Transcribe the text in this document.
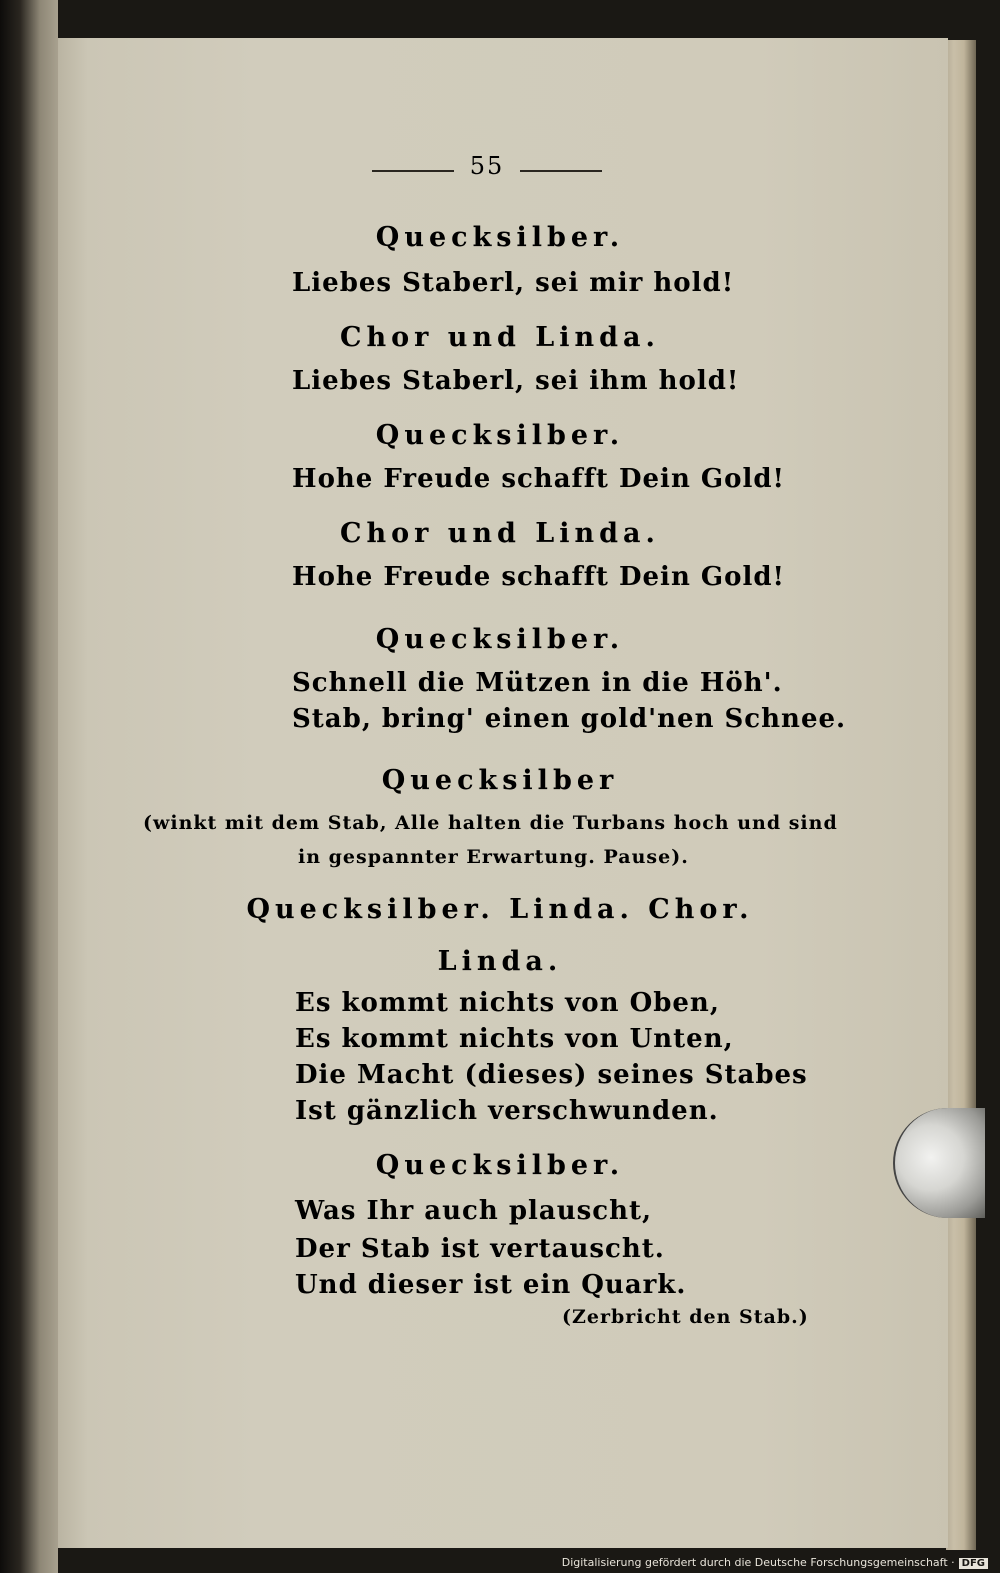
55
Quecksilber.
Liebes Staberl, sei mir hold!
Chor und Linda.
Liebes Staberl, sei ihm hold!
Quecksilber.
Hohe Freude schafft Dein Gold!
Chor und Linda.
Hohe Freude schafft Dein Gold!
Quecksilber.
Schnell die Mützen in die Höh'.
Stab, bring' einen gold'nen Schnee.
Quecksilber
(winkt mit dem Stab, Alle halten die Turbans hoch und sind
in gespannter Erwartung. Pause).
Quecksilber. Linda. Chor.
Linda.
Es kommt nichts von Oben,
Es kommt nichts von Unten,
Die Macht (dieses) seines Stabes
Ist gänzlich verschwunden.
Quecksilber.
Was Ihr auch plauscht,
Der Stab ist vertauscht.
Und dieser ist ein Quark.
(Zerbricht den Stab.)
Digitalisierung gefördert durch die Deutsche Forschungsgemeinschaft · DFG
